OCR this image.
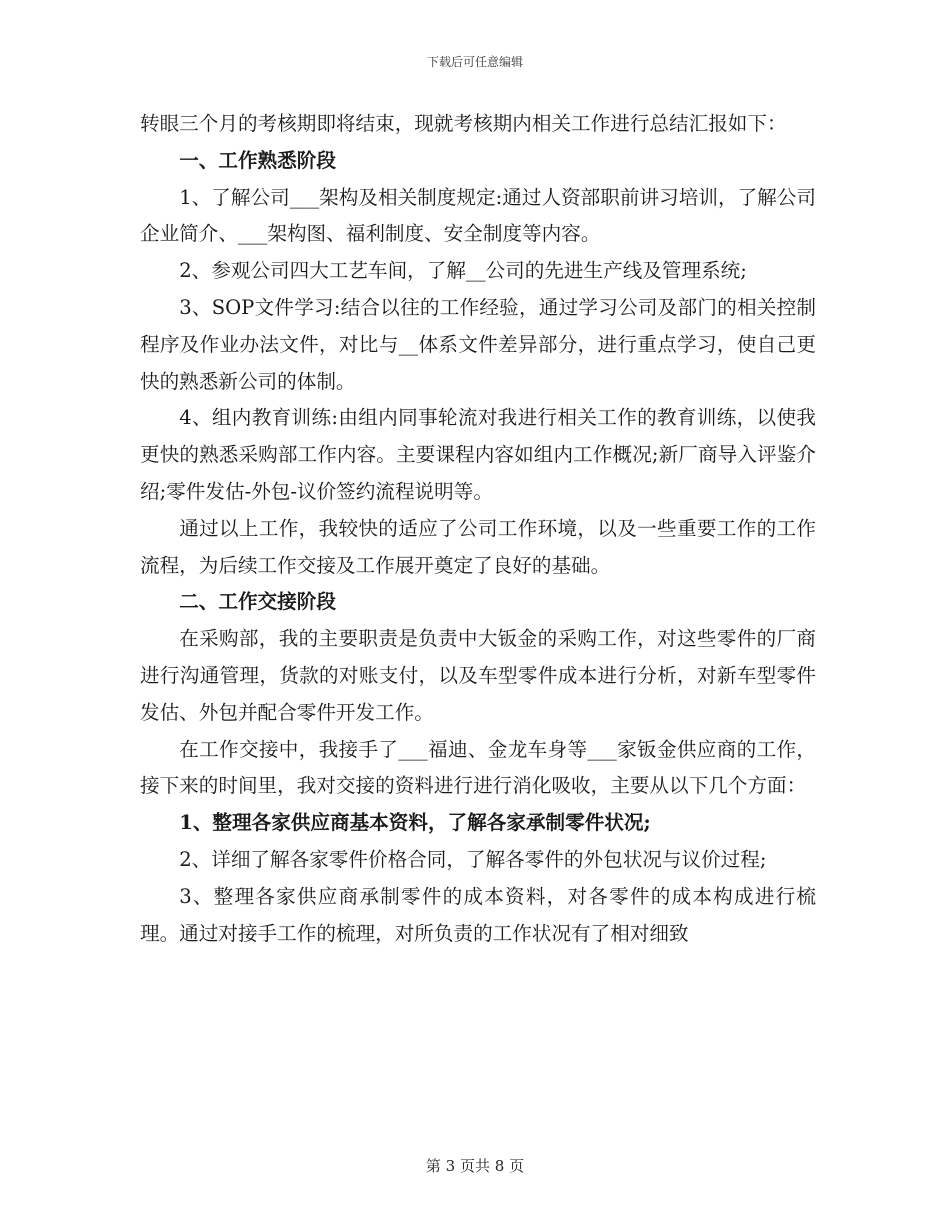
下载后可任意编辑

转眼三个月的考核期即将结束，现就考核期内相关工作进行总结汇报如下：

一、工作熟悉阶段

1、了解公司___架构及相关制度规定:通过人资部职前讲习培训，了解公司企业简介、___架构图、福利制度、安全制度等内容。

2、参观公司四大工艺车间，了解__公司的先进生产线及管理系统;

3、SOP文件学习:结合以往的工作经验，通过学习公司及部门的相关控制程序及作业办法文件，对比与__体系文件差异部分，进行重点学习，使自己更快的熟悉新公司的体制。

4、组内教育训练:由组内同事轮流对我进行相关工作的教育训练，以使我更快的熟悉采购部工作内容。主要课程内容如组内工作概况;新厂商导入评鉴介绍;零件发估-外包-议价签约流程说明等。

通过以上工作，我较快的适应了公司工作环境，以及一些重要工作的工作流程，为后续工作交接及工作展开奠定了良好的基础。

二、工作交接阶段

在采购部，我的主要职责是负责中大钣金的采购工作，对这些零件的厂商进行沟通管理，货款的对账支付，以及车型零件成本进行分析，对新车型零件发估、外包并配合零件开发工作。

在工作交接中，我接手了___福迪、金龙车身等___家钣金供应商的工作，接下来的时间里，我对交接的资料进行进行消化吸收，主要从以下几个方面：

1、整理各家供应商基本资料，了解各家承制零件状况;

2、详细了解各家零件价格合同，了解各零件的外包状况与议价过程;

3、整理各家供应商承制零件的成本资料，对各零件的成本构成进行梳理。通过对接手工作的梳理，对所负责的工作状况有了相对细致

第 3 页共 8 页
